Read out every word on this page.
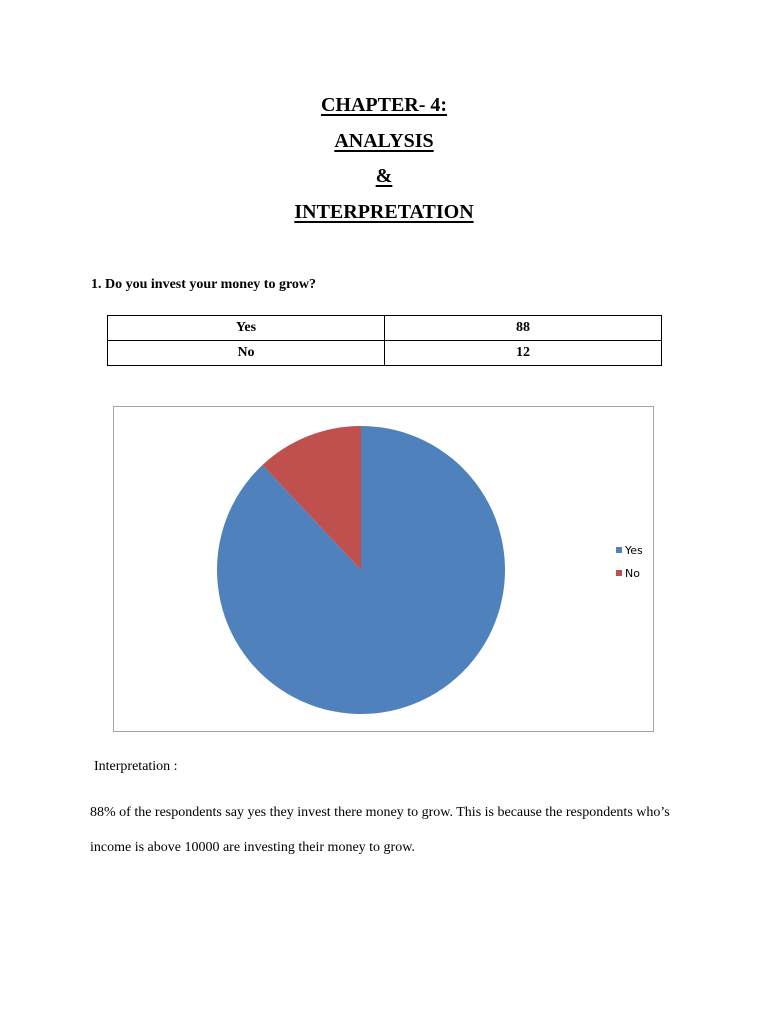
CHAPTER- 4:
ANALYSIS
&
INTERPRETATION
1. Do you invest your money to grow?
Yes	88
No	12
Yes
No
Interpretation :
88% of the respondents say yes they invest there money to grow. This is because the respondents who’s income is above 10000 are investing their money to grow.
